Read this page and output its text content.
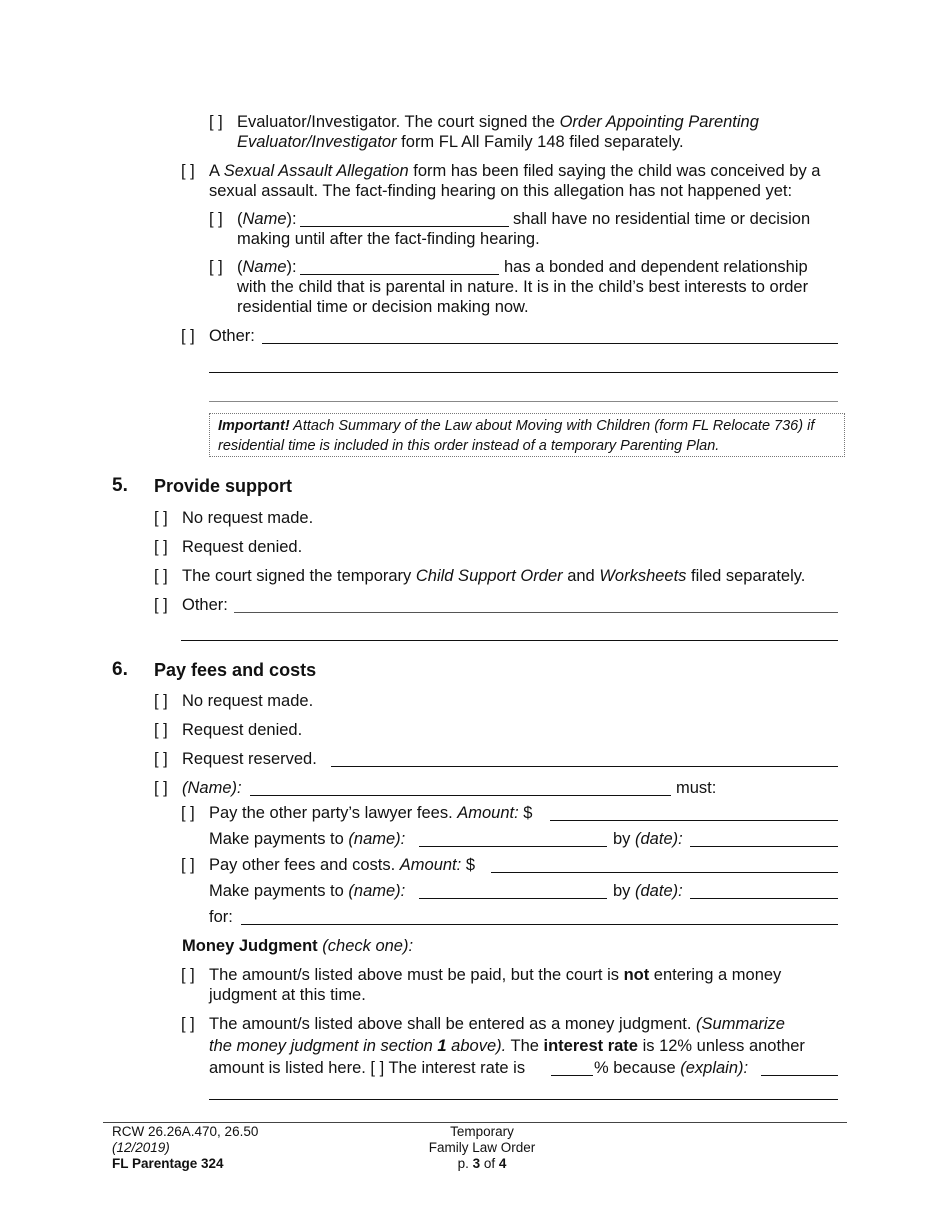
[ ] Evaluator/Investigator. The court signed the Order Appointing Parenting
Evaluator/Investigator form FL All Family 148 filed separately.
[ ] A Sexual Assault Allegation form has been filed saying the child was conceived by a
sexual assault. The fact-finding hearing on this allegation has not happened yet:
[ ] (Name):	shall have no residential time or decision
making until after the fact-finding hearing.
[ ] (Name):	has a bonded and dependent relationship
with the child that is parental in nature. It is in the child’s best interests to order
residential time or decision making now.
[ ] Other:
Important! Attach Summary of the Law about Moving with Children (form FL Relocate 736) if
residential time is included in this order instead of a temporary Parenting Plan.
5. Provide support
[ ] No request made.
[ ] Request denied.
[ ] The court signed the temporary Child Support Order and Worksheets filed separately.
[ ] Other:
6. Pay fees and costs
[ ] No request made.
[ ] Request denied.
[ ] Request reserved.
[ ] (Name):	must:
[ ] Pay the other party’s lawyer fees. Amount: $
Make payments to (name):	by (date):
[ ] Pay other fees and costs. Amount: $
Make payments to (name):	by (date):
for:
Money Judgment (check one):
[ ] The amount/s listed above must be paid, but the court is not entering a money
judgment at this time.
[ ] The amount/s listed above shall be entered as a money judgment. (Summarize
the money judgment in section 1 above). The interest rate is 12% unless another
amount is listed here. [ ] The interest rate is	% because (explain):
RCW 26.26A.470, 26.50
(12/2019)
FL Parentage 324
Temporary
Family Law Order
p. 3 of 4
